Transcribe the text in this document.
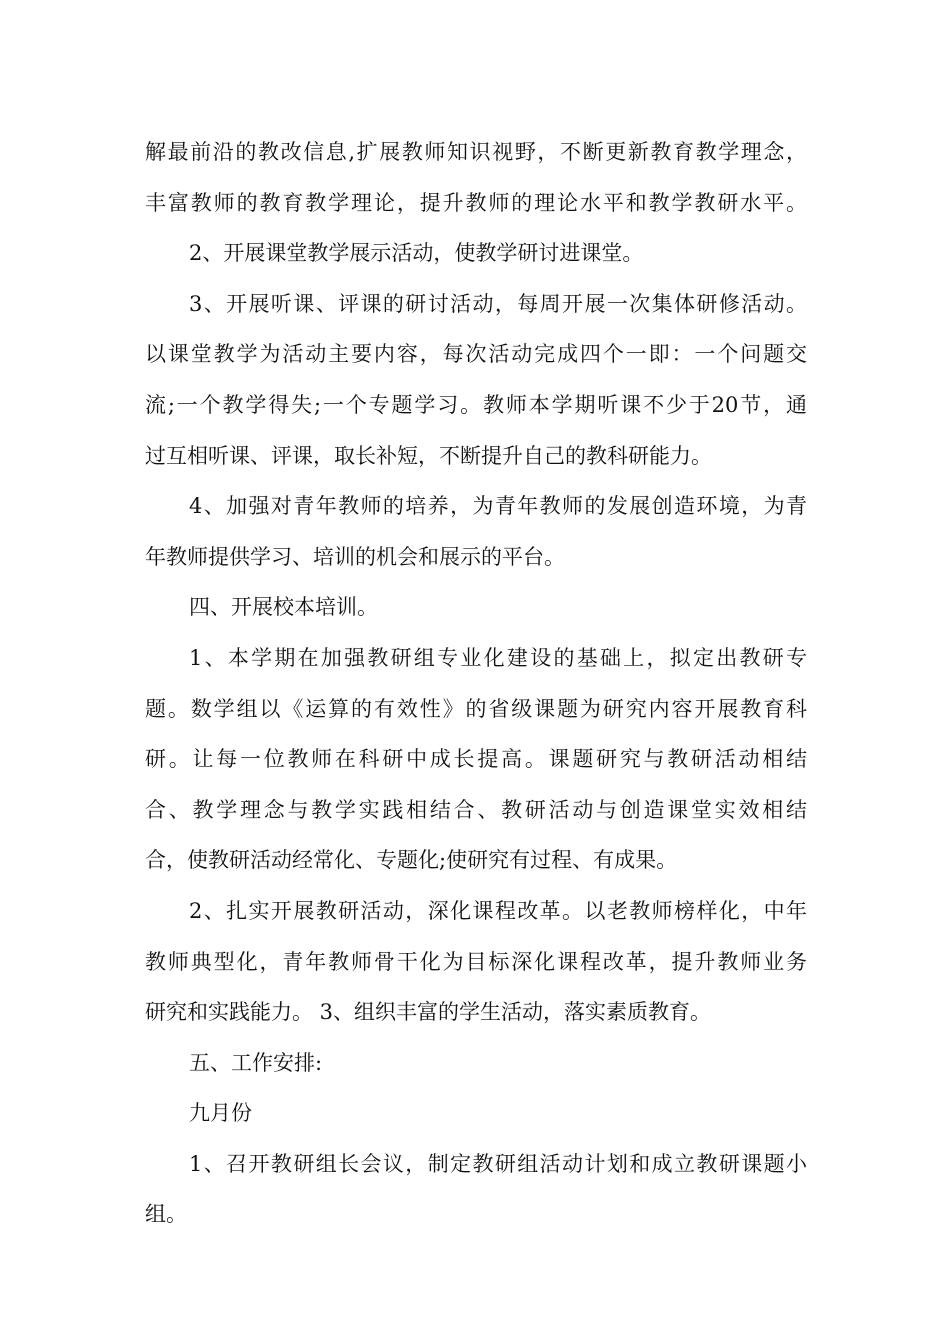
解最前沿的教改信息,扩展教师知识视野，不断更新教育教学理念，
丰富教师的教育教学理论，提升教师的理论水平和教学教研水平。
2、开展课堂教学展示活动，使教学研讨进课堂。
3、开展听课、评课的研讨活动，每周开展一次集体研修活动。
以课堂教学为活动主要内容，每次活动完成四个一即：一个问题交
流;一个教学得失;一个专题学习。教师本学期听课不少于20节，通
过互相听课、评课，取长补短，不断提升自己的教科研能力。
4、加强对青年教师的培养，为青年教师的发展创造环境，为青
年教师提供学习、培训的机会和展示的平台。
四、开展校本培训。
1、本学期在加强教研组专业化建设的基础上，拟定出教研专
题。数学组以《运算的有效性》的省级课题为研究内容开展教育科
研。让每一位教师在科研中成长提高。课题研究与教研活动相结
合、教学理念与教学实践相结合、教研活动与创造课堂实效相结
合，使教研活动经常化、专题化;使研究有过程、有成果。
2、扎实开展教研活动，深化课程改革。以老教师榜样化，中年
教师典型化，青年教师骨干化为目标深化课程改革，提升教师业务
研究和实践能力。 3、组织丰富的学生活动，落实素质教育。
五、工作安排:
九月份
1、召开教研组长会议，制定教研组活动计划和成立教研课题小
组。
